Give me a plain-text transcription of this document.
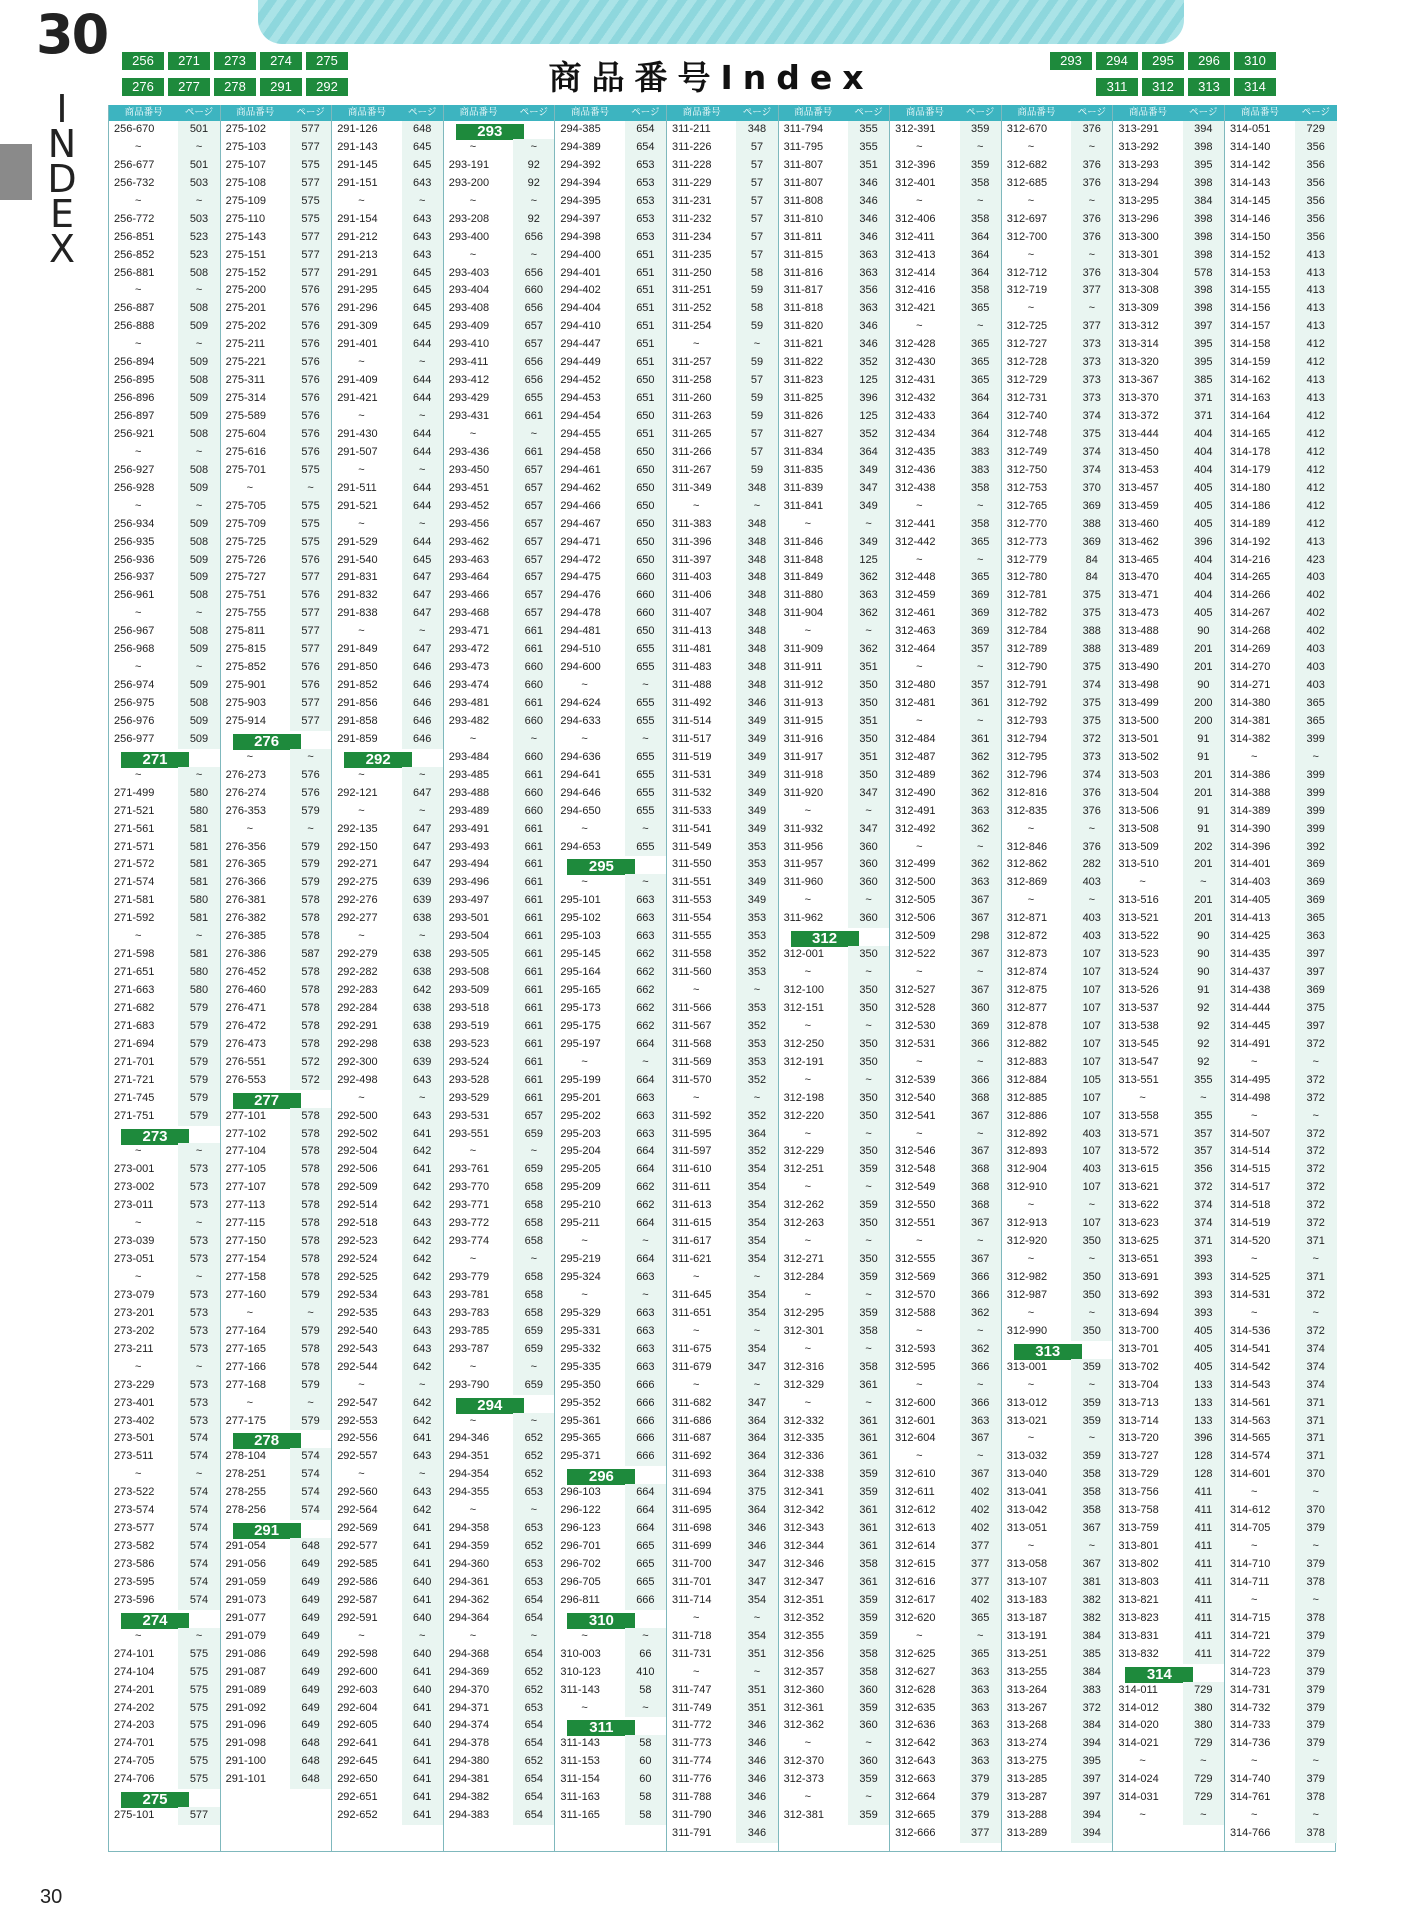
30
I
N
D
E
X
商品番号Index
256	271	273	274	275
276	277	278	291	292
293	294	295	296	310
311	312	313	314
商品番号	ページ
256-670	501
~	~
256-677	501
256-732	503
~	~
256-772	503
256-851	523
256-852	523
256-881	508
~	~
256-887	508
256-888	509
~	~
256-894	509
256-895	508
256-896	509
256-897	509
256-921	508
~	~
256-927	508
256-928	509
~	~
256-934	509
256-935	508
256-936	509
256-937	509
256-961	508
~	~
256-967	508
256-968	509
~	~
256-974	509
256-975	508
256-976	509
256-977	509
271
~	~
271-499	580
271-521	580
271-561	581
271-571	581
271-572	581
271-574	581
271-581	580
271-592	581
~	~
271-598	581
271-651	580
271-663	580
271-682	579
271-683	579
271-694	579
271-701	579
271-721	579
271-745	579
271-751	579
273
~	~
273-001	573
273-002	573
273-011	573
~	~
273-039	573
273-051	573
~	~
273-079	573
273-201	573
273-202	573
273-211	573
~	~
273-229	573
273-401	573
273-402	573
273-501	574
273-511	574
~	~
273-522	574
273-574	574
273-577	574
273-582	574
273-586	574
273-595	574
273-596	574
274
~	~
274-101	575
274-104	575
274-201	575
274-202	575
274-203	575
274-701	575
274-705	575
274-706	575
275
275-101	577
商品番号	ページ
275-102	577
275-103	577
275-107	575
275-108	577
275-109	575
275-110	575
275-143	577
275-151	577
275-152	577
275-200	576
275-201	576
275-202	576
275-211	576
275-221	576
275-311	576
275-314	576
275-589	576
275-604	576
275-616	576
275-701	575
~	~
275-705	575
275-709	575
275-725	575
275-726	576
275-727	577
275-751	576
275-755	577
275-811	577
275-815	577
275-852	576
275-901	576
275-903	577
275-914	577
276
~	~
276-273	576
276-274	576
276-353	579
~	~
276-356	579
276-365	579
276-366	579
276-381	578
276-382	578
276-385	578
276-386	587
276-452	578
276-460	578
276-471	578
276-472	578
276-473	578
276-551	572
276-553	572
277
277-101	578
277-102	578
277-104	578
277-105	578
277-107	578
277-113	578
277-115	578
277-150	578
277-154	578
277-158	578
277-160	579
~	~
277-164	579
277-165	578
277-166	578
277-168	579
~	~
277-175	579
278
278-104	574
278-251	574
278-255	574
278-256	574
291
291-054	648
291-056	649
291-059	649
291-073	649
291-077	649
291-079	649
291-086	649
291-087	649
291-089	649
291-092	649
291-096	649
291-098	648
291-100	648
291-101	648
商品番号	ページ
291-126	648
291-143	645
291-145	645
291-151	643
~	~
291-154	643
291-212	643
291-213	643
291-291	645
291-295	645
291-296	645
291-309	645
291-401	644
~	~
291-409	644
291-421	644
~	~
291-430	644
291-507	644
~	~
291-511	644
291-521	644
~	~
291-529	644
291-540	645
291-831	647
291-832	647
291-838	647
~	~
291-849	647
291-850	646
291-852	646
291-856	646
291-858	646
291-859	646
292
~	~
292-121	647
~	~
292-135	647
292-150	647
292-271	647
292-275	639
292-276	639
292-277	638
~	~
292-279	638
292-282	638
292-283	642
292-284	638
292-291	638
292-298	638
292-300	639
292-498	643
~	~
292-500	643
292-502	641
292-504	642
292-506	641
292-509	642
292-514	642
292-518	643
292-523	642
292-524	642
292-525	642
292-534	643
292-535	643
292-540	643
292-543	643
292-544	642
~	~
292-547	642
292-553	642
292-556	641
292-557	643
~	~
292-560	643
292-564	642
292-569	641
292-577	641
292-585	641
292-586	640
292-587	641
292-591	640
~	~
292-598	640
292-600	641
292-603	640
292-604	641
292-605	640
292-641	641
292-645	641
292-650	641
292-651	641
292-652	641
商品番号	ページ
293
~	~
293-191	92
293-200	92
~	~
293-208	92
293-400	656
~	~
293-403	656
293-404	660
293-408	656
293-409	657
293-410	657
293-411	656
293-412	656
293-429	655
293-431	661
~	~
293-436	661
293-450	657
293-451	657
293-452	657
293-456	657
293-462	657
293-463	657
293-464	657
293-466	657
293-468	657
293-471	661
293-472	661
293-473	660
293-474	660
293-481	661
293-482	660
~	~
293-484	660
293-485	661
293-488	660
293-489	660
293-491	661
293-493	661
293-494	661
293-496	661
293-497	661
293-501	661
293-504	661
293-505	661
293-508	661
293-509	661
293-518	661
293-519	661
293-523	661
293-524	661
293-528	661
293-529	661
293-531	657
293-551	659
~	~
293-761	659
293-770	658
293-771	658
293-772	658
293-774	658
~	~
293-779	658
293-781	658
293-783	658
293-785	659
293-787	659
~	~
293-790	659
294
~	~
294-346	652
294-351	652
294-354	652
294-355	653
~	~
294-358	653
294-359	652
294-360	653
294-361	653
294-362	654
294-364	654
~	~
294-368	654
294-369	652
294-370	652
294-371	653
294-374	654
294-378	654
294-380	652
294-381	654
294-382	654
294-383	654
商品番号	ページ
294-385	654
294-389	654
294-392	653
294-394	653
294-395	653
294-397	653
294-398	653
294-400	651
294-401	651
294-402	651
294-404	651
294-410	651
294-447	651
294-449	651
294-452	650
294-453	651
294-454	650
294-455	651
294-458	650
294-461	650
294-462	650
294-466	650
294-467	650
294-471	650
294-472	650
294-475	660
294-476	660
294-478	660
294-481	650
294-510	655
294-600	655
~	~
294-624	655
294-633	655
~	~
294-636	655
294-641	655
294-646	655
294-650	655
~	~
294-653	655
295
~	~
295-101	663
295-102	663
295-103	663
295-145	662
295-164	662
295-165	662
295-173	662
295-175	662
295-197	664
~	~
295-199	664
295-201	663
295-202	663
295-203	663
295-204	664
295-205	664
295-209	662
295-210	662
295-211	664
~	~
295-219	664
295-324	663
~	~
295-329	663
295-331	663
295-332	663
295-335	663
295-350	666
295-352	666
295-361	666
295-365	666
295-371	666
296
296-103	664
296-122	664
296-123	664
296-701	665
296-702	665
296-705	665
296-811	666
310
~	~
310-003	66
310-123	410
311-143	58
~	~
311
311-143	58
311-153	60
311-154	60
311-163	58
311-165	58
商品番号	ページ
311-211	348
311-226	57
311-228	57
311-229	57
311-231	57
311-232	57
311-234	57
311-235	57
311-250	58
311-251	59
311-252	58
311-254	59
~	~
311-257	59
311-258	57
311-260	59
311-263	59
311-265	57
311-266	57
311-267	59
311-349	348
~	~
311-383	348
311-396	348
311-397	348
311-403	348
311-406	348
311-407	348
311-413	348
311-481	348
311-483	348
311-488	348
311-492	346
311-514	349
311-517	349
311-519	349
311-531	349
311-532	349
311-533	349
311-541	349
311-549	353
311-550	353
311-551	349
311-553	349
311-554	353
311-555	353
311-558	352
311-560	353
~	~
311-566	353
311-567	352
311-568	353
311-569	353
311-570	352
~	~
311-592	352
311-595	364
311-597	352
311-610	354
311-611	354
311-613	354
311-615	354
311-617	354
311-621	354
~	~
311-645	354
311-651	354
~	~
311-675	354
311-679	347
~	~
311-682	347
311-686	364
311-687	364
311-692	364
311-693	364
311-694	375
311-695	364
311-698	346
311-699	346
311-700	347
311-701	347
311-714	354
~	~
311-718	354
311-731	351
~	~
311-747	351
311-749	351
311-772	346
311-773	346
311-774	346
311-776	346
311-788	346
311-790	346
311-791	346
商品番号	ページ
311-794	355
311-795	355
311-807	351
311-807	346
311-808	346
311-810	346
311-811	346
311-815	363
311-816	363
311-817	356
311-818	363
311-820	346
311-821	346
311-822	352
311-823	125
311-825	396
311-826	125
311-827	352
311-834	364
311-835	349
311-839	347
311-841	349
~	~
311-846	349
311-848	125
311-849	362
311-880	363
311-904	362
~	~
311-909	362
311-911	351
311-912	350
311-913	350
311-915	351
311-916	350
311-917	351
311-918	350
311-920	347
~	~
311-932	347
311-956	360
311-957	360
311-960	360
~	~
311-962	360
312
312-001	350
~	~
312-100	350
312-151	350
~	~
312-250	350
312-191	350
~	~
312-198	350
312-220	350
~	~
312-229	350
312-251	359
~	~
312-262	359
312-263	350
~	~
312-271	350
312-284	359
~	~
312-295	359
312-301	358
~	~
312-316	358
312-329	361
~	~
312-332	361
312-335	361
312-336	361
312-338	359
312-341	359
312-342	361
312-343	361
312-344	361
312-346	358
312-347	361
312-351	359
312-352	359
312-355	359
312-356	358
312-357	358
312-360	360
312-361	359
312-362	360
~	~
312-370	360
312-373	359
~	~
312-381	359
商品番号	ページ
312-391	359
~	~
312-396	359
312-401	358
~	~
312-406	358
312-411	364
312-413	364
312-414	364
312-416	358
312-421	365
~	~
312-428	365
312-430	365
312-431	365
312-432	364
312-433	364
312-434	364
312-435	383
312-436	383
312-438	358
~	~
312-441	358
312-442	365
~	~
312-448	365
312-459	369
312-461	369
312-463	369
312-464	357
~	~
312-480	357
312-481	361
~	~
312-484	361
312-487	362
312-489	362
312-490	362
312-491	363
312-492	362
~	~
312-499	362
312-500	363
312-505	367
312-506	367
312-509	298
312-522	367
~	~
312-527	367
312-528	360
312-530	369
312-531	366
~	~
312-539	366
312-540	368
312-541	367
~	~
312-546	367
312-548	368
312-549	368
312-550	368
312-551	367
~	~
312-555	367
312-569	366
312-570	366
312-588	362
~	~
312-593	362
312-595	366
~	~
312-600	366
312-601	363
312-604	367
~	~
312-610	367
312-611	402
312-612	402
312-613	402
312-614	377
312-615	377
312-616	377
312-617	402
312-620	365
~	~
312-625	365
312-627	363
312-628	363
312-635	363
312-636	363
312-642	363
312-643	363
312-663	379
312-664	379
312-665	379
312-666	377
商品番号	ページ
312-670	376
~	~
312-682	376
312-685	376
~	~
312-697	376
312-700	376
~	~
312-712	376
312-719	377
~	~
312-725	377
312-727	373
312-728	373
312-729	373
312-731	373
312-740	374
312-748	375
312-749	374
312-750	374
312-753	370
312-765	369
312-770	388
312-773	369
312-779	84
312-780	84
312-781	375
312-782	375
312-784	388
312-789	388
312-790	375
312-791	374
312-792	375
312-793	375
312-794	372
312-795	373
312-796	374
312-816	376
312-835	376
~	~
312-846	376
312-862	282
312-869	403
~	~
312-871	403
312-872	403
312-873	107
312-874	107
312-875	107
312-877	107
312-878	107
312-882	107
312-883	107
312-884	105
312-885	107
312-886	107
312-892	403
312-893	107
312-904	403
312-910	107
~	~
312-913	107
312-920	350
~	~
312-982	350
312-987	350
~	~
312-990	350
313
313-001	359
~	~
313-012	359
313-021	359
~	~
313-032	359
313-040	358
313-041	358
313-042	358
313-051	367
~	~
313-058	367
313-107	381
313-183	382
313-187	382
313-191	384
313-251	385
313-255	384
313-264	383
313-267	372
313-268	384
313-274	394
313-275	395
313-285	397
313-287	397
313-288	394
313-289	394
商品番号	ページ
313-291	394
313-292	398
313-293	395
313-294	398
313-295	384
313-296	398
313-300	398
313-301	398
313-304	578
313-308	398
313-309	398
313-312	397
313-314	395
313-320	395
313-367	385
313-370	371
313-372	371
313-444	404
313-450	404
313-453	404
313-457	405
313-459	405
313-460	405
313-462	396
313-465	404
313-470	404
313-471	404
313-473	405
313-488	90
313-489	201
313-490	201
313-498	90
313-499	200
313-500	200
313-501	91
313-502	91
313-503	201
313-504	201
313-506	91
313-508	91
313-509	202
313-510	201
~	~
313-516	201
313-521	201
313-522	90
313-523	90
313-524	90
313-526	91
313-537	92
313-538	92
313-545	92
313-547	92
313-551	355
~	~
313-558	355
313-571	357
313-572	357
313-615	356
313-621	372
313-622	374
313-623	374
313-625	371
313-651	393
313-691	393
313-692	393
313-694	393
313-700	405
313-701	405
313-702	405
313-704	133
313-713	133
313-714	133
313-720	396
313-727	128
313-729	128
313-756	411
313-758	411
313-759	411
313-801	411
313-802	411
313-803	411
313-821	411
313-823	411
313-831	411
313-832	411
314
314-011	729
314-012	380
314-020	380
314-021	729
~	~
314-024	729
314-031	729
~	~
商品番号	ページ
314-051	729
314-140	356
314-142	356
314-143	356
314-145	356
314-146	356
314-150	356
314-152	413
314-153	413
314-155	413
314-156	413
314-157	413
314-158	412
314-159	412
314-162	413
314-163	413
314-164	412
314-165	412
314-178	412
314-179	412
314-180	412
314-186	412
314-189	412
314-192	413
314-216	423
314-265	403
314-266	402
314-267	402
314-268	402
314-269	403
314-270	403
314-271	403
314-380	365
314-381	365
314-382	399
~	~
314-386	399
314-388	399
314-389	399
314-390	399
314-396	392
314-401	369
314-403	369
314-405	369
314-413	365
314-425	363
314-435	397
314-437	397
314-438	369
314-444	375
314-445	397
314-491	372
~	~
314-495	372
314-498	372
~	~
314-507	372
314-514	372
314-515	372
314-517	372
314-518	372
314-519	372
314-520	371
~	~
314-525	371
314-531	372
~	~
314-536	372
314-541	374
314-542	374
314-543	374
314-561	371
314-563	371
314-565	371
314-574	371
314-601	370
~	~
314-612	370
314-705	379
~	~
314-710	379
314-711	378
~	~
314-715	378
314-721	379
314-722	379
314-723	379
314-731	379
314-732	379
314-733	379
314-736	379
~	~
314-740	379
314-761	378
~	~
314-766	378
30
